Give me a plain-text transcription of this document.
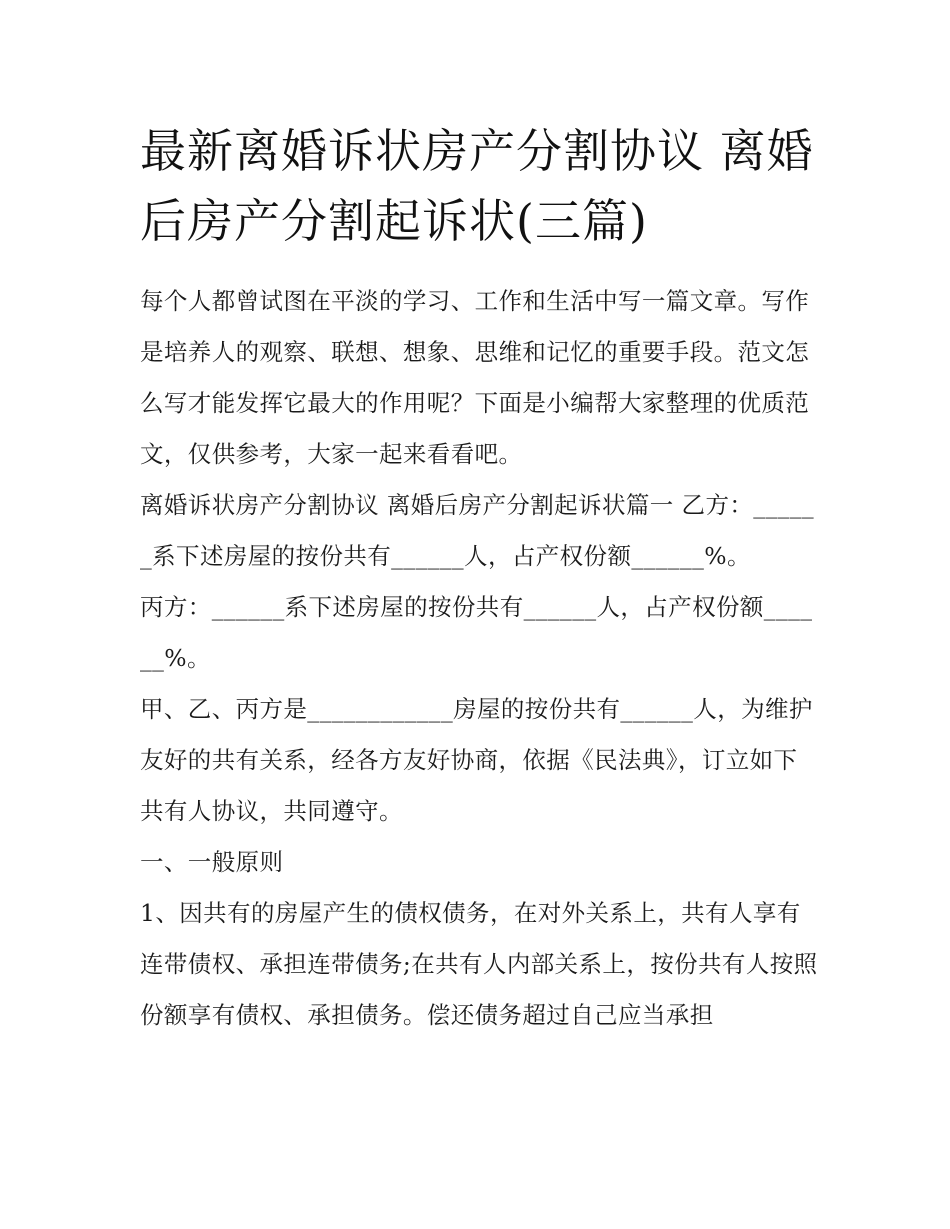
最新离婚诉状房产分割协议 离婚后房产分割起诉状(三篇)

每个人都曾试图在平淡的学习、工作和生活中写一篇文章。写作是培养人的观察、联想、想象、思维和记忆的重要手段。范文怎么写才能发挥它最大的作用呢？下面是小编帮大家整理的优质范文，仅供参考，大家一起来看看吧。

离婚诉状房产分割协议 离婚后房产分割起诉状篇一 乙方：______系下述房屋的按份共有______人，占产权份额______%。

丙方：______系下述房屋的按份共有______人，占产权份额______%。

甲、乙、丙方是____________房屋的按份共有______人，为维护友好的共有关系，经各方友好协商，依据《民法典》，订立如下共有人协议，共同遵守。

一、一般原则

1、因共有的房屋产生的债权债务，在对外关系上，共有人享有连带债权、承担连带债务;在共有人内部关系上，按份共有人按照份额享有债权、承担债务。偿还债务超过自己应当承担
